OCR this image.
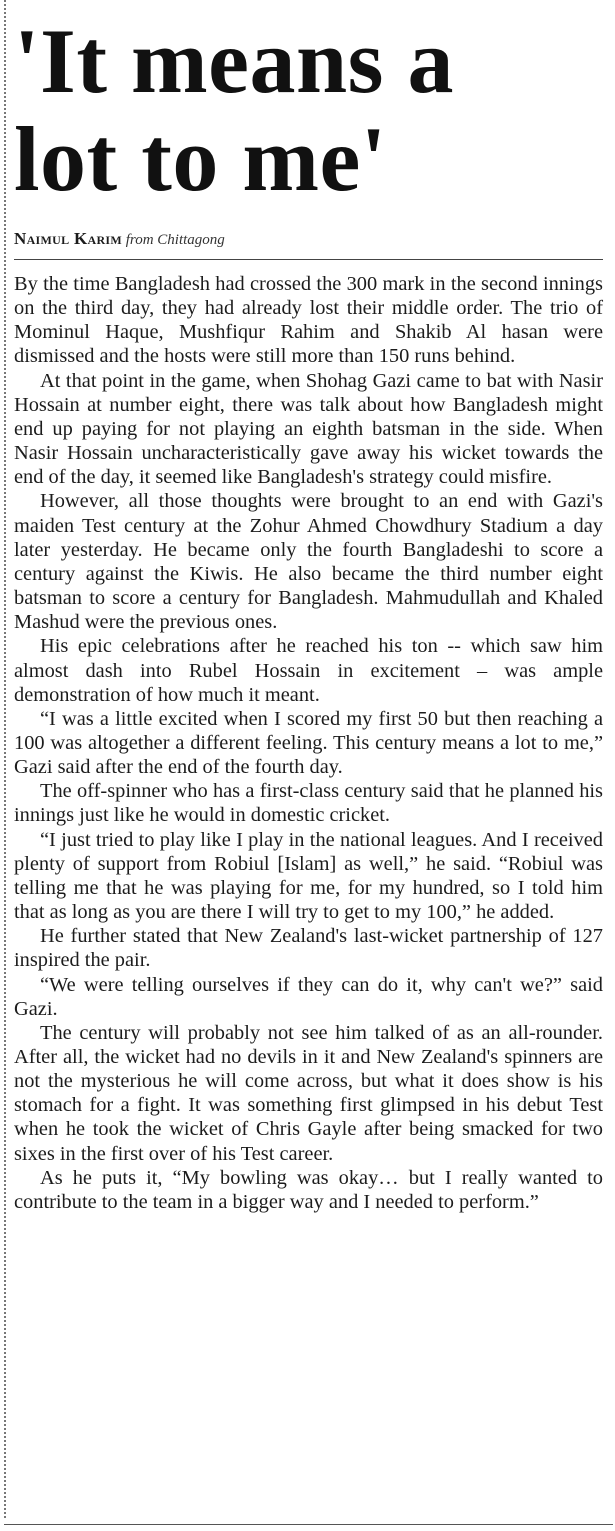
'It means a
lot to me'
Naimul Karim from Chittagong

By the time Bangladesh had crossed the 300 mark in the second innings on the third day, they had already lost their middle order. The trio of Mominul Haque, Mushfiqur Rahim and Shakib Al hasan were dismissed and the hosts were still more than 150 runs behind.

At that point in the game, when Shohag Gazi came to bat with Nasir Hossain at number eight, there was talk about how Bangladesh might end up paying for not playing an eighth batsman in the side. When Nasir Hossain uncharacteristically gave away his wicket towards the end of the day, it seemed like Bangladesh's strategy could misfire.

However, all those thoughts were brought to an end with Gazi's maiden Test century at the Zohur Ahmed Chowdhury Stadium a day later yesterday. He became only the fourth Bangladeshi to score a century against the Kiwis. He also became the third number eight batsman to score a century for Bangladesh. Mahmudullah and Khaled Mashud were the previous ones.

His epic celebrations after he reached his ton -- which saw him almost dash into Rubel Hossain in excitement – was ample demonstration of how much it meant.

“I was a little excited when I scored my first 50 but then reaching a 100 was altogether a different feeling. This century means a lot to me,” Gazi said after the end of the fourth day.

The off-spinner who has a first-class century said that he planned his innings just like he would in domestic cricket.

“I just tried to play like I play in the national leagues. And I received plenty of support from Robiul [Islam] as well,” he said. “Robiul was telling me that he was playing for me, for my hundred, so I told him that as long as you are there I will try to get to my 100,” he added.

He further stated that New Zealand's last-wicket partnership of 127 inspired the pair.

“We were telling ourselves if they can do it, why can't we?” said Gazi.

The century will probably not see him talked of as an all-rounder. After all, the wicket had no devils in it and New Zealand's spinners are not the mysterious he will come across, but what it does show is his stomach for a fight. It was something first glimpsed in his debut Test when he took the wicket of Chris Gayle after being smacked for two sixes in the first over of his Test career.

As he puts it, “My bowling was okay… but I really wanted to contribute to the team in a bigger way and I needed to perform.”
